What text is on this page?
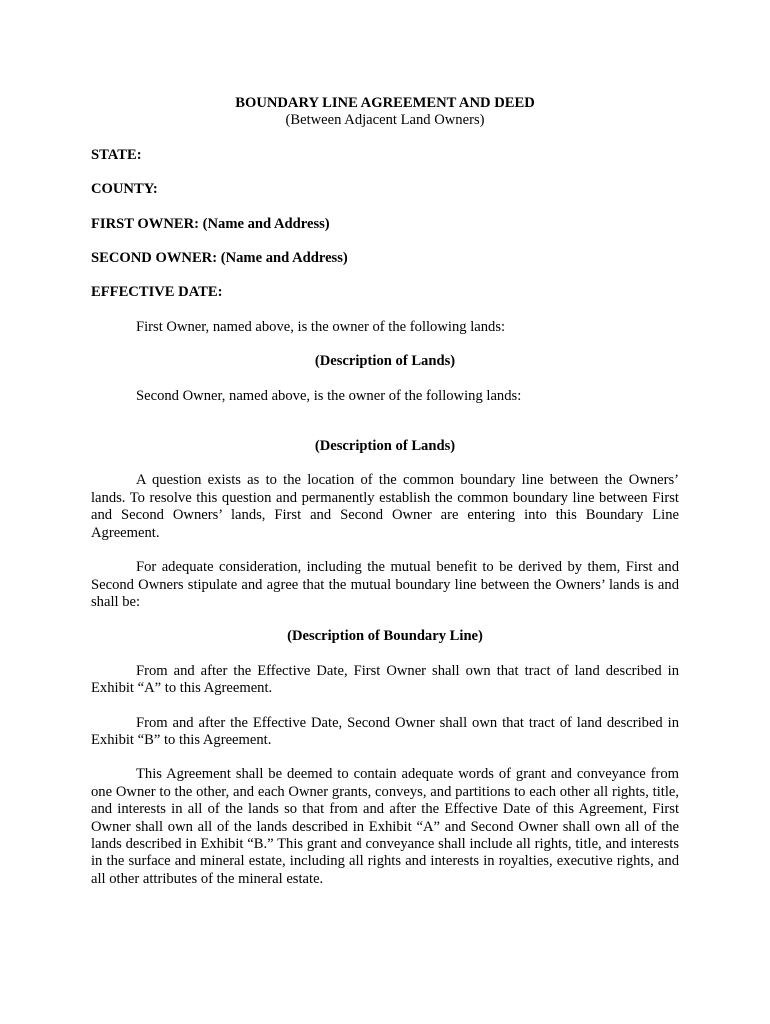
BOUNDARY LINE AGREEMENT AND DEED

(Between Adjacent Land Owners)

STATE:

COUNTY:

FIRST OWNER: (Name and Address)

SECOND OWNER: (Name and Address)

EFFECTIVE DATE:

First Owner, named above, is the owner of the following lands:

(Description of Lands)

Second Owner, named above, is the owner of the following lands:

(Description of Lands)

A question exists as to the location of the common boundary line between the Owners’ lands. To resolve this question and permanently establish the common boundary line between First and Second Owners’ lands, First and Second Owner are entering into this Boundary Line Agreement.

For adequate consideration, including the mutual benefit to be derived by them, First and Second Owners stipulate and agree that the mutual boundary line between the Owners’ lands is and shall be:

(Description of Boundary Line)

From and after the Effective Date, First Owner shall own that tract of land described in Exhibit “A” to this Agreement.

From and after the Effective Date, Second Owner shall own that tract of land described in Exhibit “B” to this Agreement.

This Agreement shall be deemed to contain adequate words of grant and conveyance from one Owner to the other, and each Owner grants, conveys, and partitions to each other all rights, title, and interests in all of the lands so that from and after the Effective Date of this Agreement, First Owner shall own all of the lands described in Exhibit “A” and Second Owner shall own all of the lands described in Exhibit “B.” This grant and conveyance shall include all rights, title, and interests in the surface and mineral estate, including all rights and interests in royalties, executive rights, and all other attributes of the mineral estate.
